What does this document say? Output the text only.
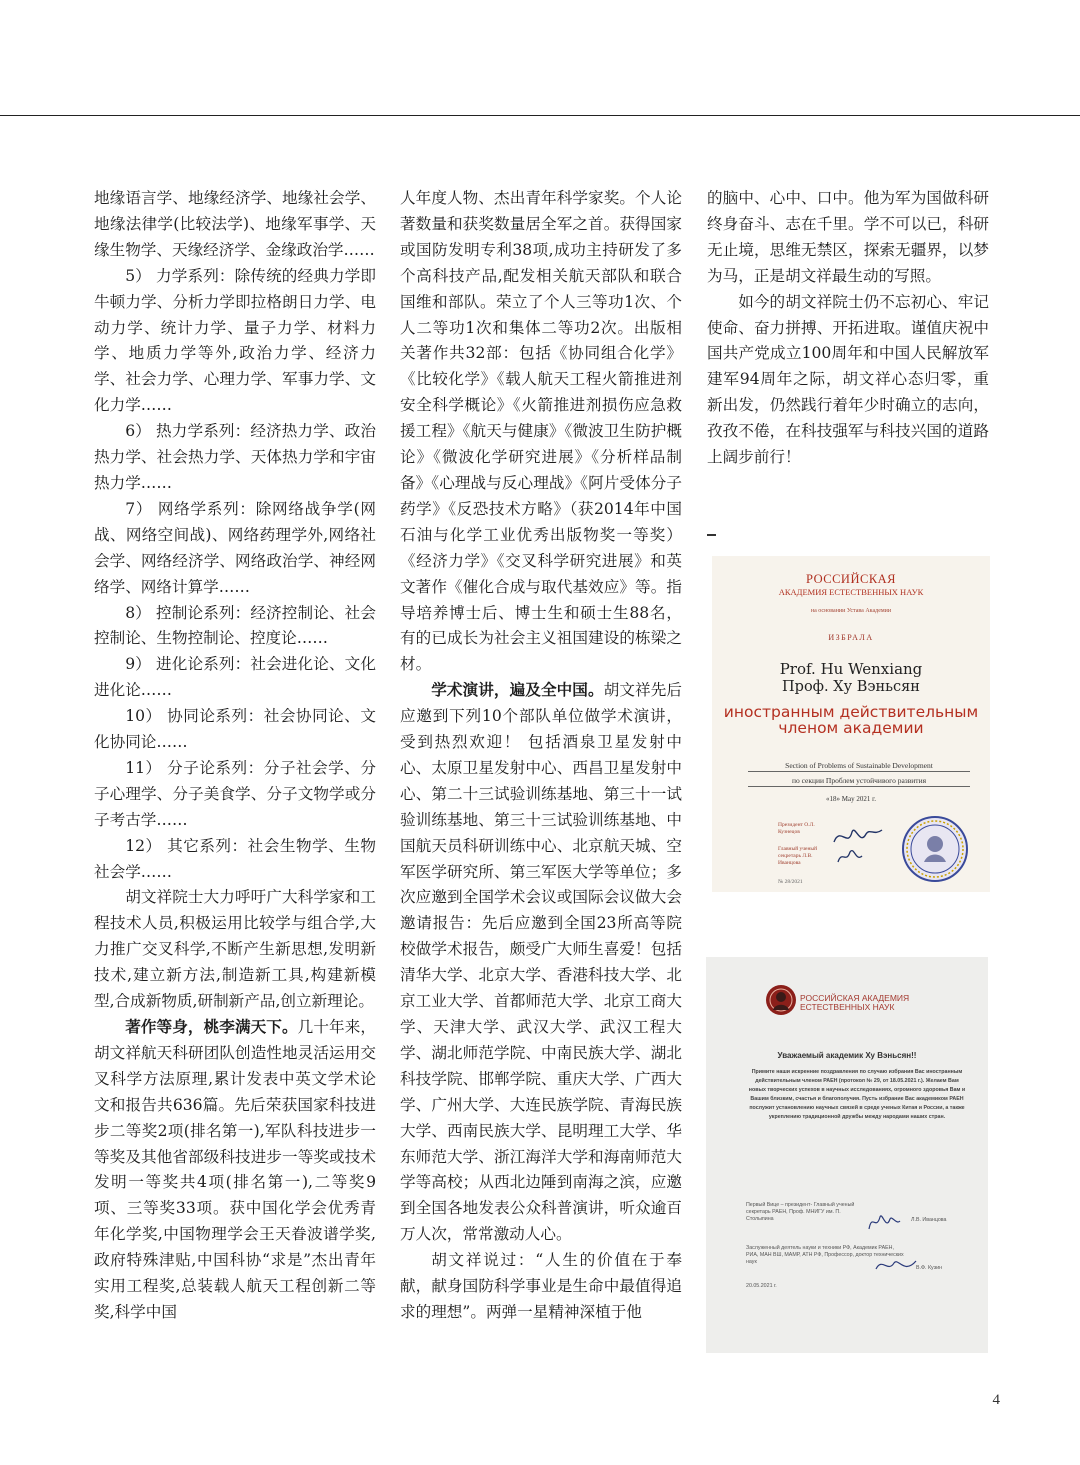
地缘语言学、地缘经济学、地缘社会学、地缘法律学(比较法学)、地缘军事学、天缘生物学、天缘经济学、金缘政治学……

5） 力学系列：除传统的经典力学即牛顿力学、分析力学即拉格朗日力学、电动力学、统计力学、量子力学、材料力学、地质力学等外,政治力学、经济力学、社会力学、心理力学、军事力学、文化力学……

6） 热力学系列：经济热力学、政治热力学、社会热力学、天体热力学和宇宙热力学……

7） 网络学系列：除网络战争学(网战、网络空间战)、网络药理学外,网络社会学、网络经济学、网络政治学、神经网络学、网络计算学……

8） 控制论系列：经济控制论、社会控制论、生物控制论、控度论……

9） 进化论系列：社会进化论、文化进化论……

10） 协同论系列：社会协同论、文化协同论……

11） 分子论系列：分子社会学、分子心理学、分子美食学、分子文物学或分子考古学……

12） 其它系列：社会生物学、生物社会学……

胡文祥院士大力呼吁广大科学家和工程技术人员,积极运用比较学与组合学,大力推广交叉科学,不断产生新思想,发明新技术,建立新方法,制造新工具,构建新模型,合成新物质,研制新产品,创立新理论。

著作等身，桃李满天下。几十年来，胡文祥航天科研团队创造性地灵活运用交叉科学方法原理,累计发表中英文学术论文和报告共636篇。先后荣获国家科技进步二等奖2项(排名第一),军队科技进步一等奖及其他省部级科技进步一等奖或技术发明一等奖共4项(排名第一),二等奖9项、三等奖33项。获中国化学会优秀青年化学奖,中国物理学会王天眷波谱学奖,政府特殊津贴,中国科协“求是”杰出青年实用工程奖,总装载人航天工程创新二等奖,科学中国

人年度人物、杰出青年科学家奖。个人论著数量和获奖数量居全军之首。获得国家或国防发明专利38项,成功主持研发了多个高科技产品,配发相关航天部队和联合国维和部队。荣立了个人三等功1次、个人二等功1次和集体二等功2次。出版相关著作共32部：包括《协同组合化学》《比较化学》《载人航天工程火箭推进剂安全科学概论》《火箭推进剂损伤应急救援工程》《航天与健康》《微波卫生防护概论》《微波化学研究进展》《分析样品制备》《心理战与反心理战》《阿片受体分子药学》《反恐技术方略》（获2014年中国石油与化学工业优秀出版物奖一等奖）《经济力学》《交叉科学研究进展》和英文著作《催化合成与取代基效应》等。指导培养博士后、博士生和硕士生88名，有的已成长为社会主义祖国建设的栋梁之材。

学术演讲，遍及全中国。胡文祥先后应邀到下列10个部队单位做学术演讲，受到热烈欢迎！ 包括酒泉卫星发射中心、太原卫星发射中心、西昌卫星发射中心、第二十三试验训练基地、第三十一试验训练基地、第三十三试验训练基地、中国航天员科研训练中心、北京航天城、空军医学研究所、第三军医大学等单位；多次应邀到全国学术会议或国际会议做大会邀请报告：先后应邀到全国23所高等院校做学术报告，颇受广大师生喜爱！包括清华大学、北京大学、香港科技大学、北京工业大学、首都师范大学、北京工商大学、天津大学、武汉大学、武汉工程大学、湖北师范学院、中南民族大学、湖北科技学院、邯郸学院、重庆大学、广西大学、广州大学、大连民族学院、青海民族大学、西南民族大学、昆明理工大学、华东师范大学、浙江海洋大学和海南师范大学等高校；从西北边陲到南海之滨，应邀到全国各地发表公众科普演讲，听众逾百万人次，常常激动人心。

胡文祥说过：“人生的价值在于奉献，献身国防科学事业是生命中最值得追求的理想”。两弹一星精神深植于他

的脑中、心中、口中。他为军为国做科研终身奋斗、志在千里。学不可以已，科研无止境，思维无禁区，探索无疆界，以梦为马，正是胡文祥最生动的写照。

如今的胡文祥院士仍不忘初心、牢记使命、奋力拼搏、开拓进取。谨值庆祝中国共产党成立100周年和中国人民解放军建军94周年之际，胡文祥心态归零，重新出发，仍然践行着年少时确立的志向，孜孜不倦，在科技强军与科技兴国的道路上阔步前行！

РОССИЙСКАЯ
АКАДЕМИЯ ЕСТЕСТВЕННЫХ НАУК
на основании Устава Академии
ИЗБРАЛА
Prof. Hu Wenxiang
Проф. Ху Вэньсян
иностранным действительным членом академии
Section of Problems of Sustainable Development
по секции Проблем устойчивого развития
«18» May 2021 г.
Президент О.Л. Кузнецов
Главный ученый секретарь Л.В. Иванцова
№ 28/2021
РОССИЙСКАЯ АКАДЕМИЯ ЕСТЕСТВЕННЫХ НАУК
Уважаемый академик Ху Вэньсян!!
Примите наши искренние поздравления по случаю избрания Вас иностранным действительным членом РАЕН (протокол № 29, от 18.05.2021 г.). Желаем Вам новых творческих успехов в научных исследованиях, огромного здоровья Вам и Вашим близким, счастья и благополучия. Пусть избрание Вас академиком РАЕН послужит установлению научных связей в среде ученых Китая и России, а также укреплению традиционной дружбы между народами наших стран.
Первый Вице – президент- Главный ученый секретарь РАЕН, Проф. МНИГУ им. П. Столыпина	Л.В. Иванцова
Заслуженный деятель науки и техники РФ, Академик РАЕН, РИА, МАН ВШ, МАМР, АТН РФ, Профессор, доктор технических наук
В.Ф. Кузин
20.05.2021 г.
4
